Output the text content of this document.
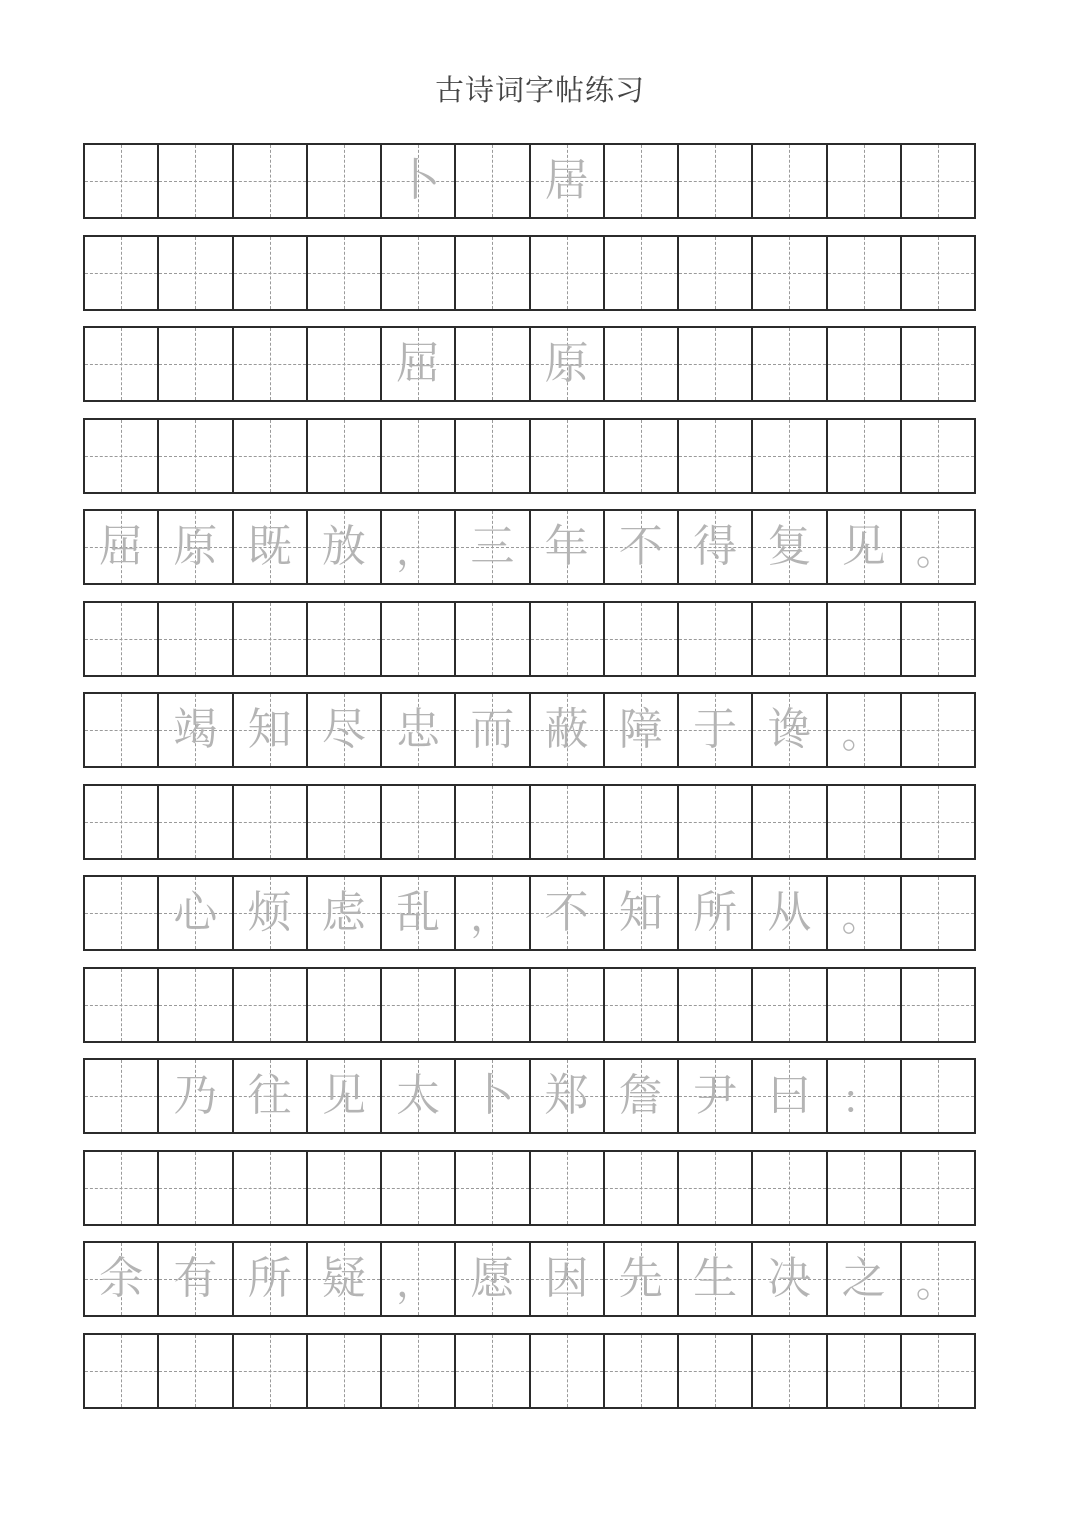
古诗词字帖练习
卜	居
屈	原
屈 原 既 放 ， 三 年 不 得 复 见 。
竭 知 尽 忠 而 蔽 障 于 谗 。
心 烦 虑 乱 ， 不 知 所 从 。
乃 往 见 太 卜 郑 詹 尹 曰 ：
余 有 所 疑 ， 愿 因 先 生 决 之 。
